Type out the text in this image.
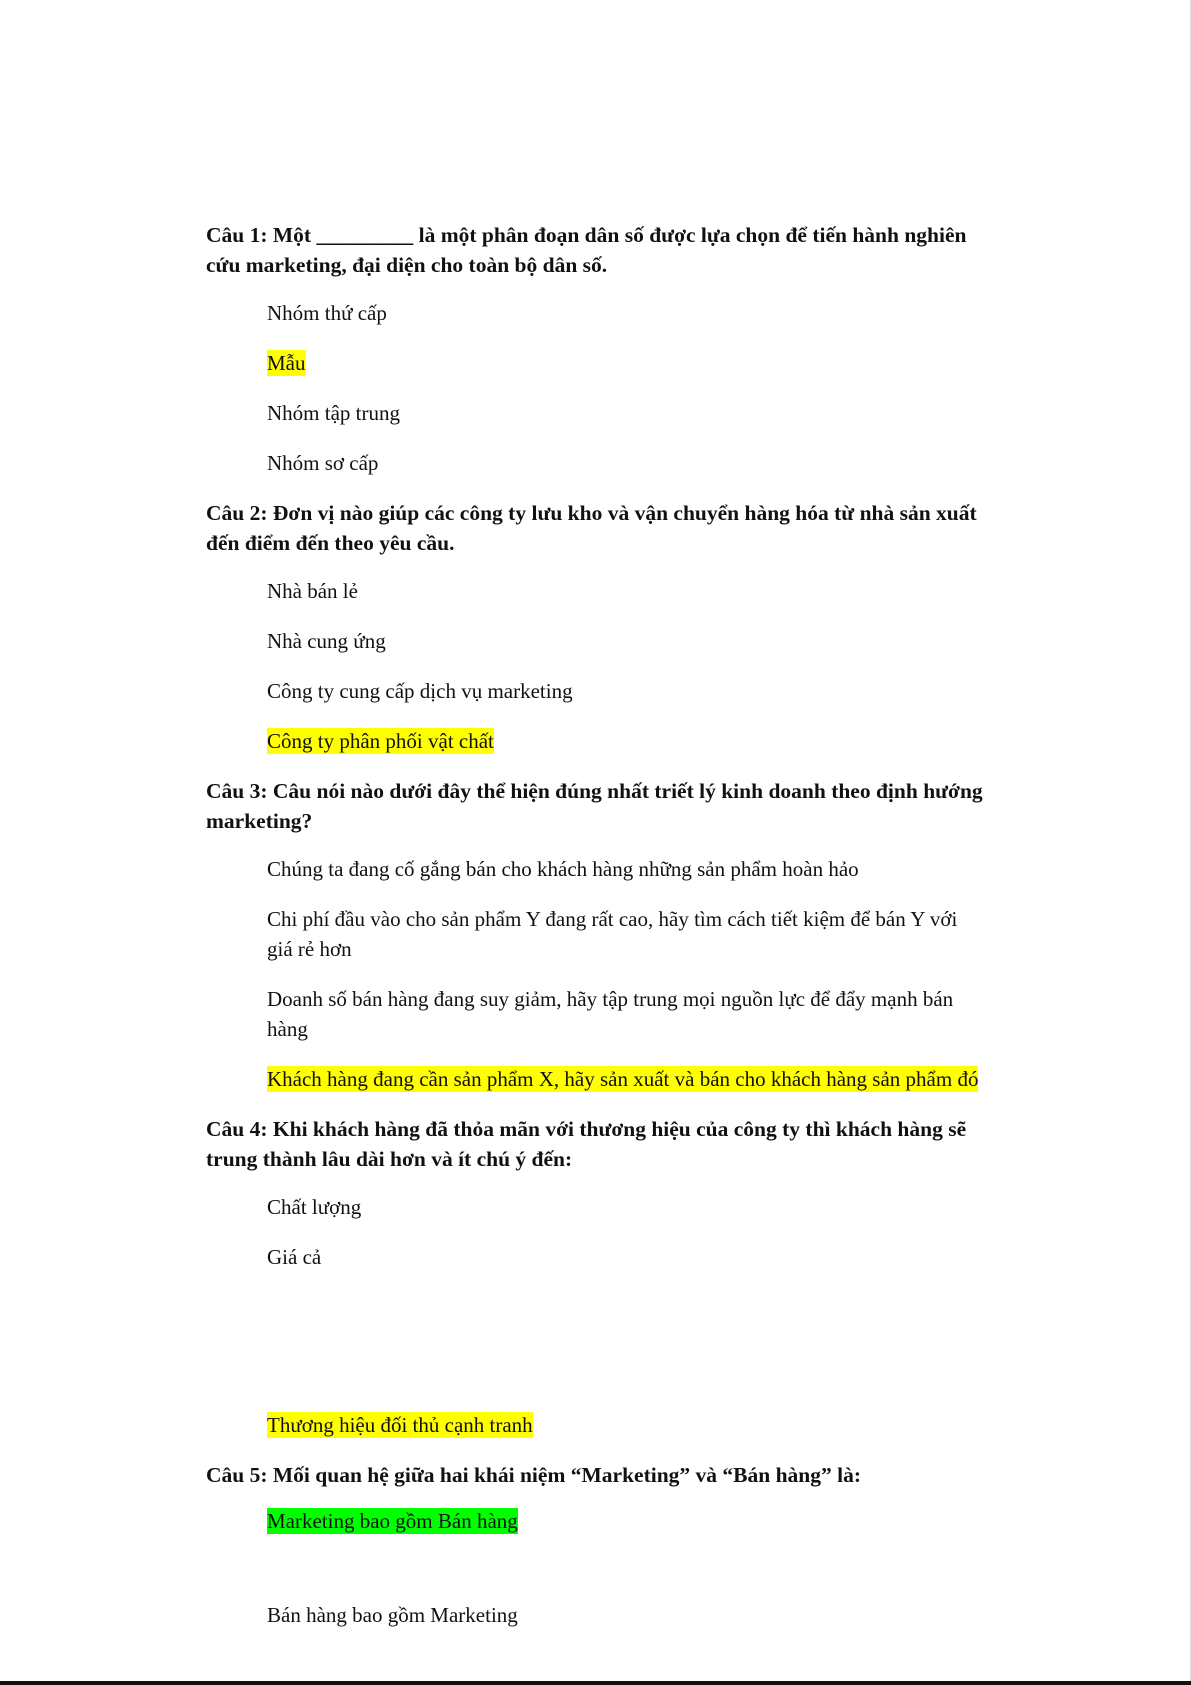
Câu 1: Một _________ là một phân đoạn dân số được lựa chọn để tiến hành nghiên cứu marketing, đại diện cho toàn bộ dân số.
Nhóm thứ cấp
Mẫu
Nhóm tập trung
Nhóm sơ cấp
Câu 2: Đơn vị nào giúp các công ty lưu kho và vận chuyển hàng hóa từ nhà sản xuất đến điểm đến theo yêu cầu.
Nhà bán lẻ
Nhà cung ứng
Công ty cung cấp dịch vụ marketing
Công ty phân phối vật chất
Câu 3: Câu nói nào dưới đây thể hiện đúng nhất triết lý kinh doanh theo định hướng marketing?
Chúng ta đang cố gắng bán cho khách hàng những sản phẩm hoàn hảo
Chi phí đầu vào cho sản phẩm Y đang rất cao, hãy tìm cách tiết kiệm để bán Y với giá rẻ hơn
Doanh số bán hàng đang suy giảm, hãy tập trung mọi nguồn lực để đẩy mạnh bán hàng
Khách hàng đang cần sản phẩm X, hãy sản xuất và bán cho khách hàng sản phẩm đó
Câu 4: Khi khách hàng đã thỏa mãn với thương hiệu của công ty thì khách hàng sẽ trung thành lâu dài hơn và ít chú ý đến:
Chất lượng
Giá cả
Thương hiệu đối thủ cạnh tranh
Câu 5: Mối quan hệ giữa hai khái niệm “Marketing” và “Bán hàng” là:
Marketing bao gồm Bán hàng
Bán hàng bao gồm Marketing
